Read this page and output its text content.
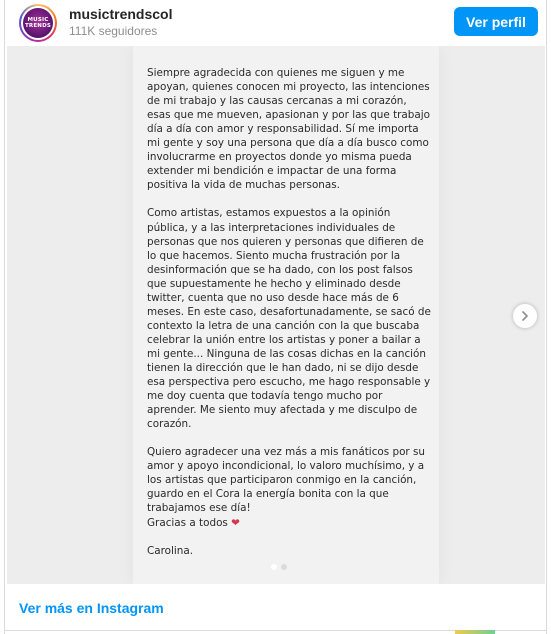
MUSIC
TRENDS
musictrendscol
111K seguidores
Ver perfil
Siempre agradecida con quienes me siguen y me apoyan, quienes conocen mi proyecto, las intenciones de mi trabajo y las causas cercanas a mi corazón, esas que me mueven, apasionan y por las que trabajo día a día con amor y responsabilidad. Sí me importa mi gente y soy una persona que día a día busco como involucrarme en proyectos donde yo misma pueda extender mi bendición e impactar de una forma positiva la vida de muchas personas.

Como artistas, estamos expuestos a la opinión pública, y a las interpretaciones individuales de personas que nos quieren y personas que difieren de lo que hacemos. Siento mucha frustración por la desinformación que se ha dado, con los post falsos que supuestamente he hecho y eliminado desde twitter, cuenta que no uso desde hace más de 6 meses. En este caso, desafortunadamente, se sacó de contexto la letra de una canción con la que buscaba celebrar la unión entre los artistas y poner a bailar a mi gente... Ninguna de las cosas dichas en la canción tienen la dirección que le han dado, ni se dijo desde esa perspectiva pero escucho, me hago responsable y me doy cuenta que todavía tengo mucho por aprender. Me siento muy afectada y me disculpo de corazón.

Quiero agradecer una vez más a mis fanáticos por su amor y apoyo incondicional, lo valoro muchísimo, y a los artistas que participaron conmigo en la canción, guardo en el Cora la energía bonita con la que trabajamos ese día!
Gracias a todos ❤

Carolina.
Ver más en Instagram
